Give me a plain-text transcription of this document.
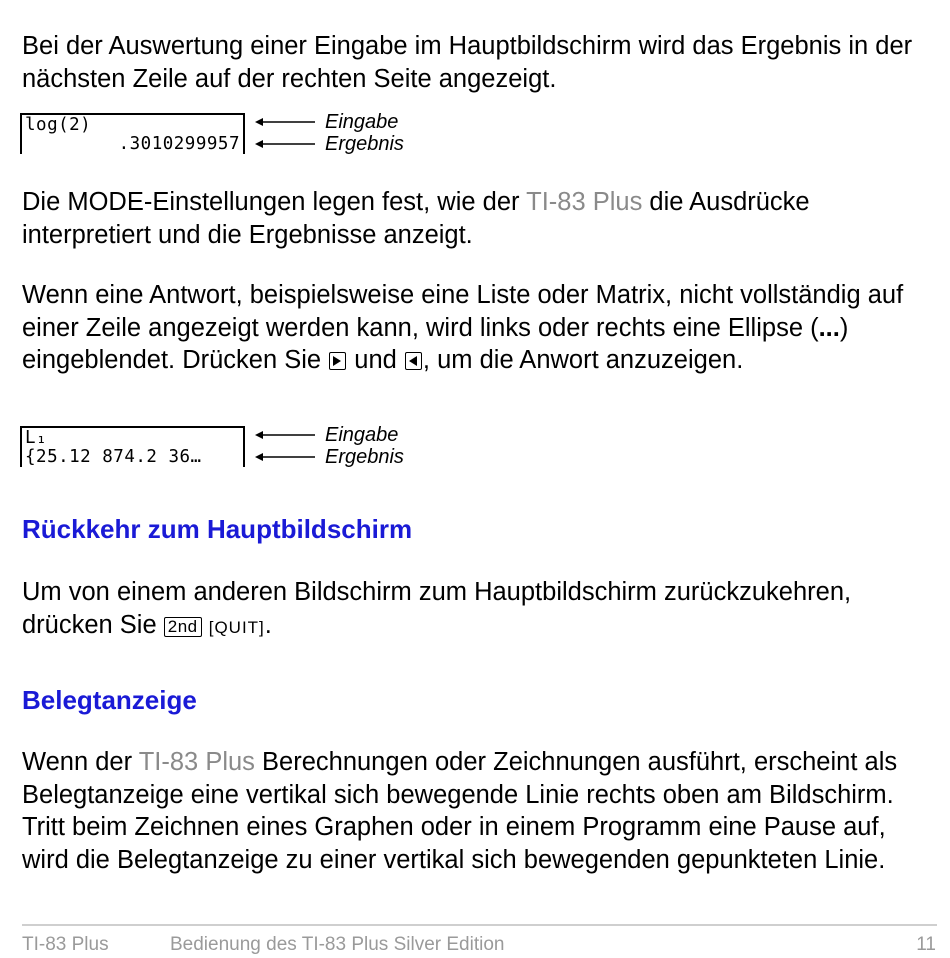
Bei der Auswertung einer Eingabe im Hauptbildschirm wird das Ergebnis in der nächsten Zeile auf der rechten Seite angezeigt.

log(2)
.3010299957
Eingabe
Ergebnis

Die MODE-Einstellungen legen fest, wie der TI-83 Plus die Ausdrücke interpretiert und die Ergebnisse anzeigt.

Wenn eine Antwort, beispielsweise eine Liste oder Matrix, nicht vollständig auf einer Zeile angezeigt werden kann, wird links oder rechts eine Ellipse (...) eingeblendet. Drücken Sie
und
, um die Anwort anzuzeigen.

L₁
{25.12 874.2 36…
Eingabe
Ergebnis
Rückkehr zum Hauptbildschirm

Um von einem anderen Bildschirm zum Hauptbildschirm zurückzukehren, drücken Sie 2nd [QUIT].

Belegtanzeige

Wenn der TI-83 Plus Berechnungen oder Zeichnungen ausführt, erscheint als Belegtanzeige eine vertikal sich bewegende Linie rechts oben am Bildschirm. Tritt beim Zeichnen eines Graphen oder in einem Programm eine Pause auf, wird die Belegtanzeige zu einer vertikal sich bewegenden gepunkteten Linie.

TI-83 Plus	Bedienung des TI-83 Plus Silver Edition	11
